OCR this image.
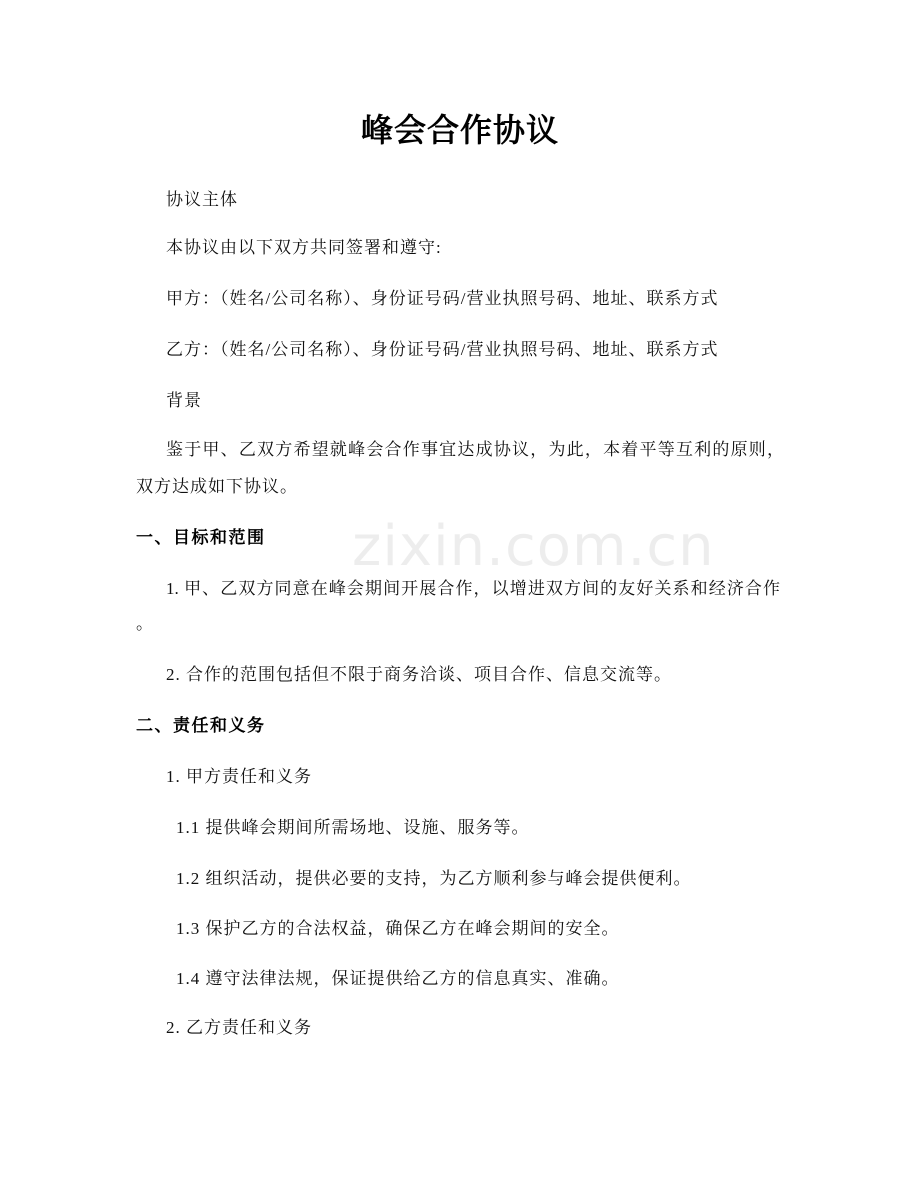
zixin.com.cn
峰会合作协议
协议主体
本协议由以下双方共同签署和遵守:
甲方：（姓名/公司名称）、身份证号码/营业执照号码、地址、联系方式
乙方：（姓名/公司名称）、身份证号码/营业执照号码、地址、联系方式
背景
鉴于甲、乙双方希望就峰会合作事宜达成协议，为此，本着平等互利的原则，
双方达成如下协议。
一、目标和范围
1. 甲、乙双方同意在峰会期间开展合作，以增进双方间的友好关系和经济合作
。
2. 合作的范围包括但不限于商务洽谈、项目合作、信息交流等。
二、责任和义务
1. 甲方责任和义务
1.1 提供峰会期间所需场地、设施、服务等。
1.2 组织活动，提供必要的支持，为乙方顺利参与峰会提供便利。
1.3 保护乙方的合法权益，确保乙方在峰会期间的安全。
1.4 遵守法律法规，保证提供给乙方的信息真实、准确。
2. 乙方责任和义务
